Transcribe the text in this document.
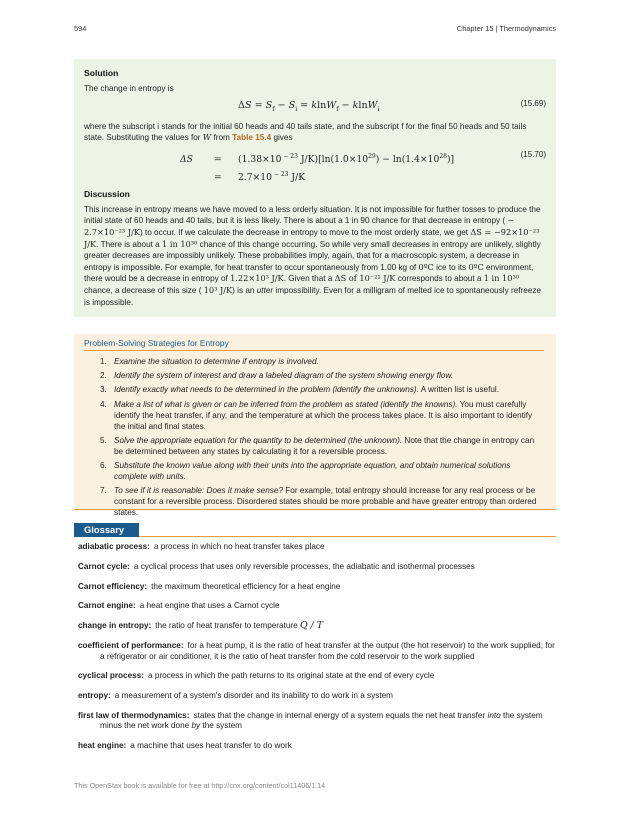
594	Chapter 15 | Thermodynamics
Solution
The change in entropy is
$\Delta S = S_f - S_i = klnW_f - klnW_i$
(15.69)
where the subscript i stands for the initial 60 heads and 40 tails state, and the subscript f for the final 50 heads and 50 tails state. Substituting the values for W from Table 15.4 gives
ΔS = (1.38×10 $^{- 23}$ $J/K)[\ln(1.0\times 10^{29}) - \ln(1.4\times 10^{28})]$
= 2.7×10 $^{- 23}$ J/K
(15.70)
Discussion
This increase in entropy means we have moved to a less orderly situation. It is not impossible for further tosses to produce the initial state of 60 heads and 40 tails, but it is less likely. There is about a 1 in 90 chance for that decrease in entropy ( − 2.7×10⁻²³ J/K) to occur. If we calculate the decrease in entropy to move to the most orderly state, we get ΔS = −92×10⁻²³ J/K. There is about a 1 in 10³⁰ chance of this change occurring. So while very small decreases in entropy are unlikely, slightly greater decreases are impossibly unlikely. These probabilities imply, again, that for a macroscopic system, a decrease in entropy is impossible. For example, for heat transfer to occur spontaneously from 1.00 kg of 0ºC ice to its 0ºC environment, there would be a decrease in entropy of 1.22×10³ J/K. Given that a ΔS of 10⁻²¹ J/K corresponds to about a 1 in 10³⁰ chance, a decrease of this size ( 10³ J/K) is an utter impossibility. Even for a milligram of melted ice to spontaneously refreeze is impossible.
Problem-Solving Strategies for Entropy
1. Examine the situation to determine if entropy is involved.
2. Identify the system of interest and draw a labeled diagram of the system showing energy flow.
3. Identify exactly what needs to be determined in the problem (identify the unknowns). A written list is useful.
4. Make a list of what is given or can be inferred from the problem as stated (identify the knowns). You must carefully identify the heat transfer, if any, and the temperature at which the process takes place. It is also important to identify the initial and final states.
5. Solve the appropriate equation for the quantity to be determined (the unknown). Note that the change in entropy can be determined between any states by calculating it for a reversible process.
6. Substitute the known value along with their units into the appropriate equation, and obtain numerical solutions complete with units.
7. To see if it is reasonable: Does it make sense? For example, total entropy should increase for any real process or be constant for a reversible process. Disordered states should be more probable and have greater entropy than ordered states.
Glossary
adiabatic process: a process in which no heat transfer takes place
Carnot cycle: a cyclical process that uses only reversible processes, the adiabatic and isothermal processes
Carnot efficiency: the maximum theoretical efficiency for a heat engine
Carnot engine: a heat engine that uses a Carnot cycle
change in entropy: the ratio of heat transfer to temperature Q / T
coefficient of performance: for a heat pump, it is the ratio of heat transfer at the output (the hot reservoir) to the work supplied; for a refrigerator or air conditioner, it is the ratio of heat transfer from the cold reservoir to the work supplied
cyclical process: a process in which the path returns to its original state at the end of every cycle
entropy: a measurement of a system's disorder and its inability to do work in a system
first law of thermodynamics: states that the change in internal energy of a system equals the net heat transfer into the system minus the net work done by the system
heat engine: a machine that uses heat transfer to do work
This OpenStax book is available for free at http://cnx.org/content/col11406/1.14
